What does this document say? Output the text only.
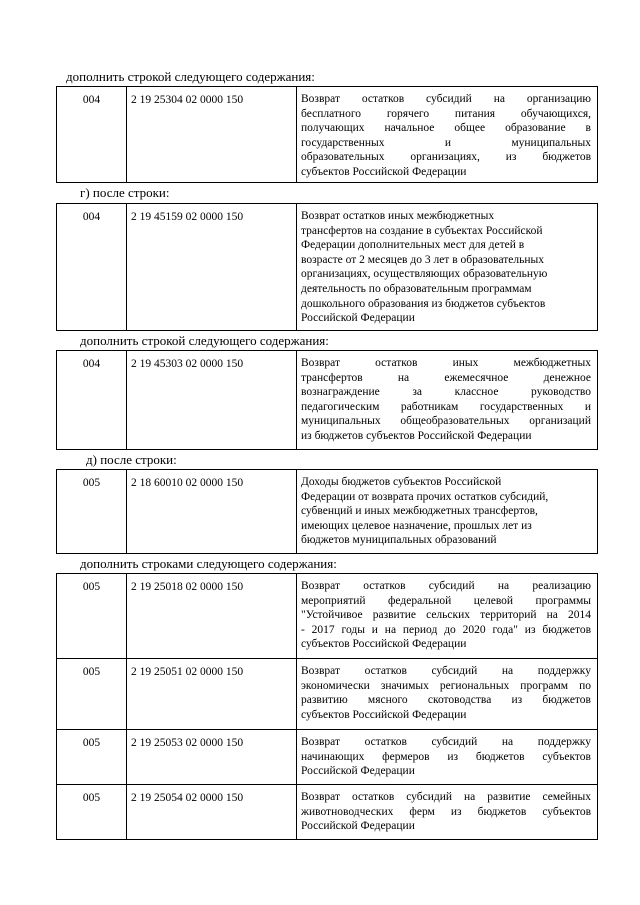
дополнить строкой следующего содержания:
004	2 19 25304 02 0000 150	Возврат остатков субсидий на организацию
бесплатного горячего питания обучающихся,
получающих начальное общее образование в
государственных и муниципальных
образовательных организациях, из бюджетов
субъектов Российской Федерации
г) после строки:
004	2 19 45159 02 0000 150	Возврат остатков иных межбюджетных
трансфертов на создание в субъектах Российской
Федерации дополнительных мест для детей в
возрасте от 2 месяцев до 3 лет в образовательных
организациях, осуществляющих образовательную
деятельность по образовательным программам
дошкольного образования из бюджетов субъектов
Российской Федерации
дополнить строкой следующего содержания:
004	2 19 45303 02 0000 150	Возврат остатков иных межбюджетных
трансфертов на ежемесячное денежное
вознаграждение за классное руководство
педагогическим работникам государственных и
муниципальных общеобразовательных организаций
из бюджетов субъектов Российской Федерации
д) после строки:
005	2 18 60010 02 0000 150	Доходы бюджетов субъектов Российской
Федерации от возврата прочих остатков субсидий,
субвенций и иных межбюджетных трансфертов,
имеющих целевое назначение, прошлых лет из
бюджетов муниципальных образований
дополнить строками следующего содержания:
005	2 19 25018 02 0000 150	Возврат остатков субсидий на реализацию
мероприятий федеральной целевой программы
"Устойчивое развитие сельских территорий на 2014
- 2017 годы и на период до 2020 года" из бюджетов
субъектов Российской Федерации
005	2 19 25051 02 0000 150	Возврат остатков субсидий на поддержку
экономически значимых региональных программ по
развитию мясного скотоводства из бюджетов
субъектов Российской Федерации
005	2 19 25053 02 0000 150	Возврат остатков субсидий на поддержку
начинающих фермеров из бюджетов субъектов
Российской Федерации
005	2 19 25054 02 0000 150	Возврат остатков субсидий на развитие семейных
животноводческих ферм из бюджетов субъектов
Российской Федерации
